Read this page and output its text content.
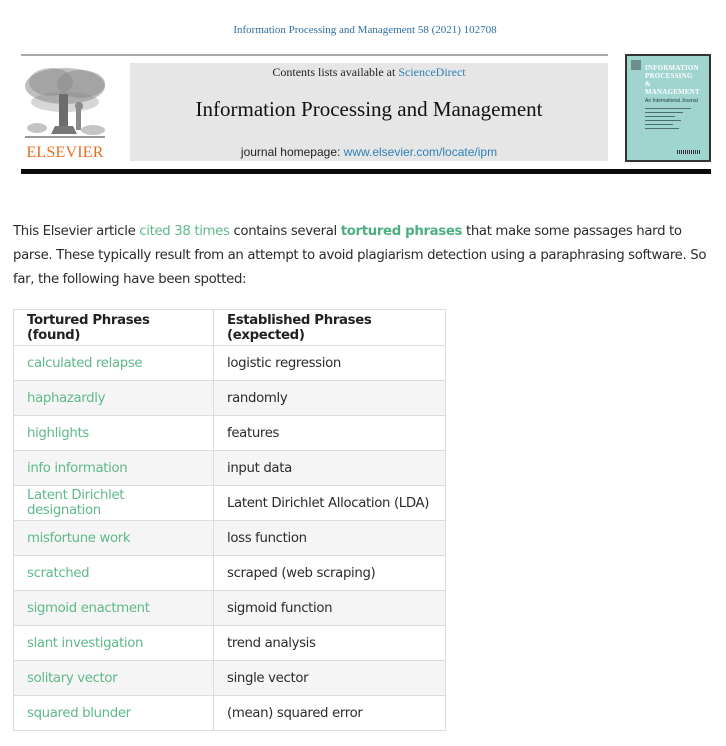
Information Processing and Management 58 (2021) 102708
ELSEVIER
Contents lists available at ScienceDirect
Information Processing and Management
journal homepage: www.elsevier.com/locate/ipm
INFORMATION
PROCESSING
&
MANAGEMENT
An International Journal

This Elsevier article cited 38 times contains several tortured phrases that make some passages hard to parse. These typically result from an attempt to avoid plagiarism detection using a paraphrasing software. So far, the following have been spotted:

Tortured Phrases (found)	Established Phrases (expected)
calculated relapse	logistic regression
haphazardly	randomly
highlights	features
info information	input data
Latent Dirichlet designation	Latent Dirichlet Allocation (LDA)
misfortune work	loss function
scratched	scraped (web scraping)
sigmoid enactment	sigmoid function
slant investigation	trend analysis
solitary vector	single vector
squared blunder	(mean) squared error
